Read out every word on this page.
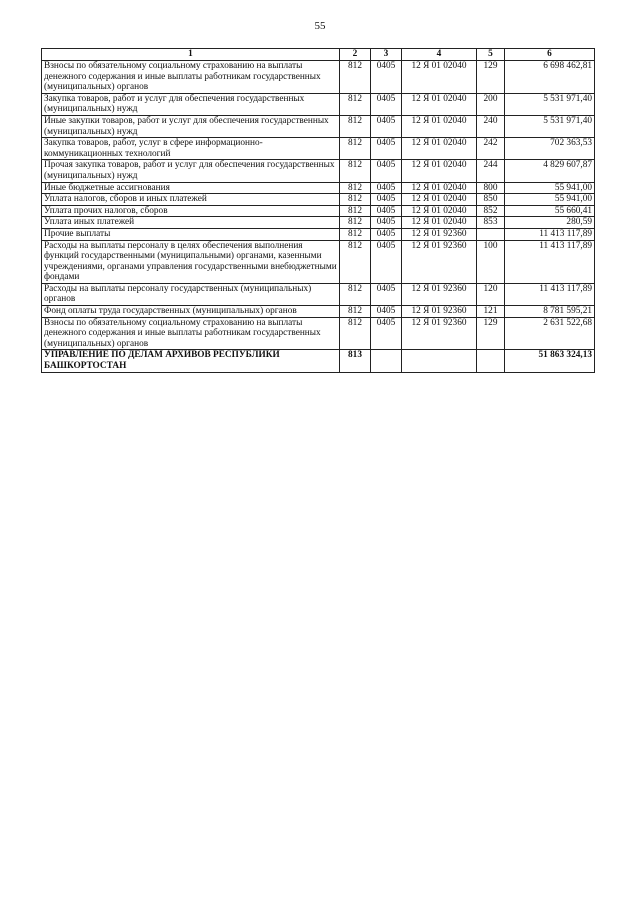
55
1	2	3	4	5	6
Взносы по обязательному социальному страхованию на выплаты денежного содержания и иные выплаты работникам государственных (муниципальных) органов	812	0405	12 Я 01 02040	129	6 698 462,81
Закупка товаров, работ и услуг для обеспечения государственных (муниципальных) нужд	812	0405	12 Я 01 02040	200	5 531 971,40
Иные закупки товаров, работ и услуг для обеспечения государственных (муниципальных) нужд	812	0405	12 Я 01 02040	240	5 531 971,40
Закупка товаров, работ, услуг в сфере информационно-коммуникационных технологий	812	0405	12 Я 01 02040	242	702 363,53
Прочая закупка товаров, работ и услуг для обеспечения государственных (муниципальных) нужд	812	0405	12 Я 01 02040	244	4 829 607,87
Иные бюджетные ассигнования	812	0405	12 Я 01 02040	800	55 941,00
Уплата налогов, сборов и иных платежей	812	0405	12 Я 01 02040	850	55 941,00
Уплата прочих налогов, сборов	812	0405	12 Я 01 02040	852	55 660,41
Уплата иных платежей	812	0405	12 Я 01 02040	853	280,59
Прочие выплаты	812	0405	12 Я 01 92360		11 413 117,89
Расходы на выплаты персоналу в целях обеспечения выполнения функций государственными (муниципальными) органами, казенными учреждениями, органами управления государственными внебюджетными фондами	812	0405	12 Я 01 92360	100	11 413 117,89
Расходы на выплаты персоналу государственных (муниципальных) органов	812	0405	12 Я 01 92360	120	11 413 117,89
Фонд оплаты труда государственных (муниципальных) органов	812	0405	12 Я 01 92360	121	8 781 595,21
Взносы по обязательному социальному страхованию на выплаты денежного содержания и иные выплаты работникам государственных (муниципальных) органов	812	0405	12 Я 01 92360	129	2 631 522,68
УПРАВЛЕНИЕ ПО ДЕЛАМ АРХИВОВ РЕСПУБЛИКИ БАШКОРТОСТАН	813				51 863 324,13
